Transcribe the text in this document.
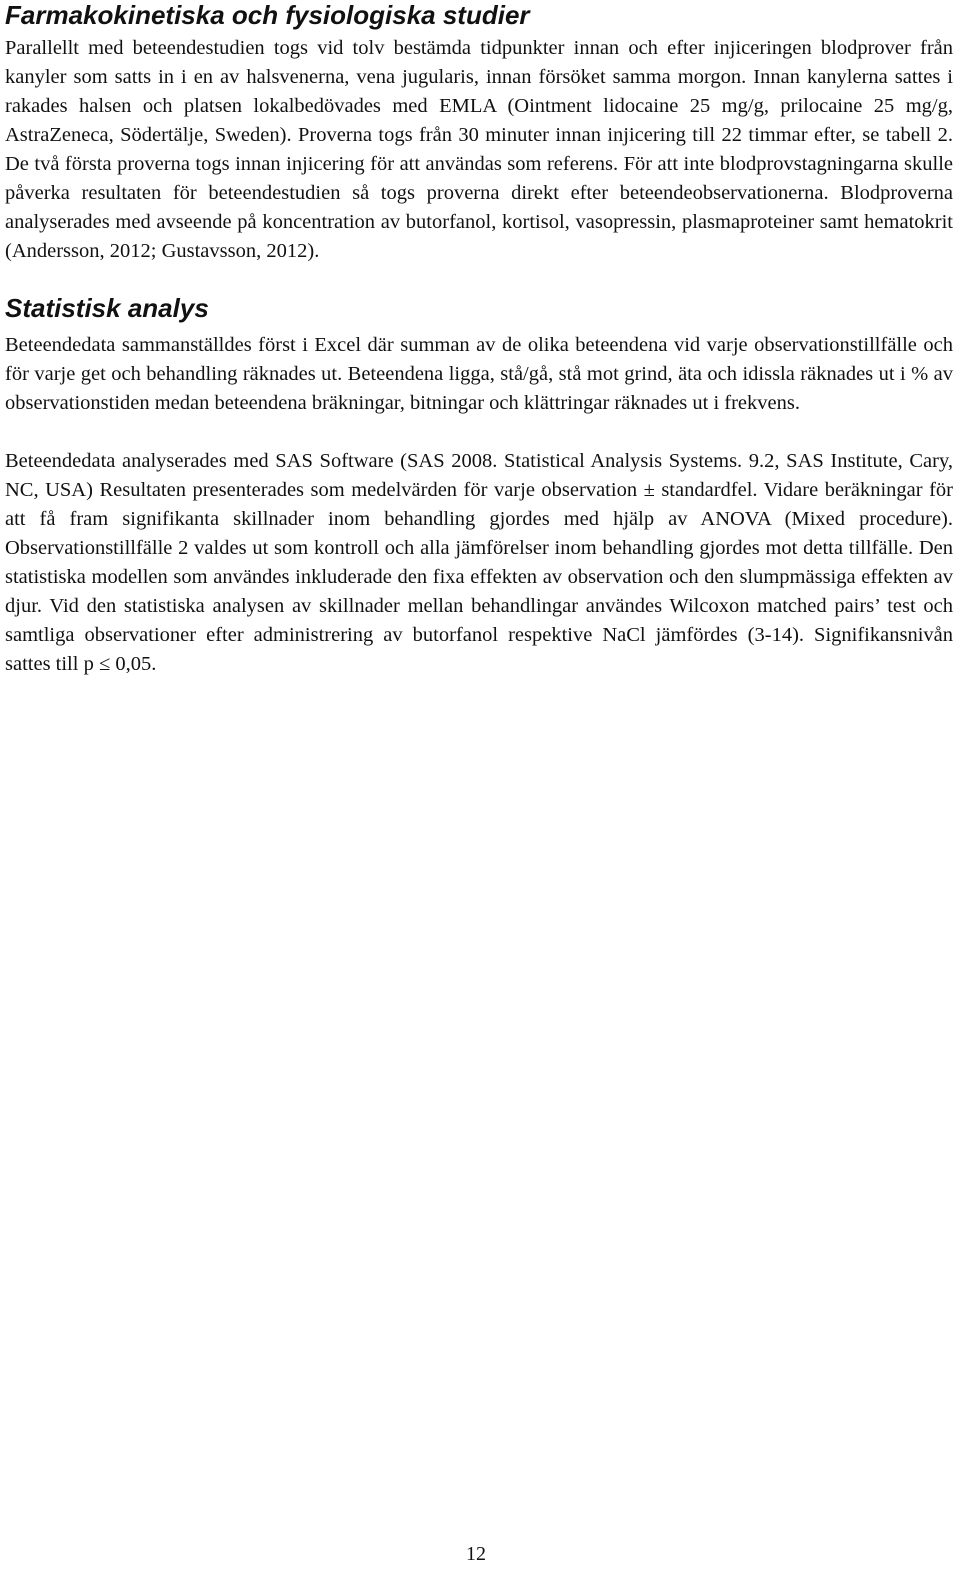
Farmakokinetiska och fysiologiska studier

Parallellt med beteendestudien togs vid tolv bestämda tidpunkter innan och efter injiceringen blodprover från kanyler som satts in i en av halsvenerna, vena jugularis, innan försöket samma morgon. Innan kanylerna sattes i rakades halsen och platsen lokalbedövades med EMLA (Ointment lidocaine 25 mg/g, prilocaine 25 mg/g, AstraZeneca, Södertälje, Sweden). Proverna togs från 30 minuter innan injicering till 22 timmar efter, se tabell 2. De två första proverna togs innan injicering för att användas som referens. För att inte blodprovstagningarna skulle påverka resultaten för beteendestudien så togs proverna direkt efter beteendeobservationerna. Blodproverna analyserades med avseende på koncentration av butorfanol, kortisol, vasopressin, plasmaproteiner samt hematokrit (Andersson, 2012; Gustavsson, 2012).

Statistisk analys

Beteendedata sammanställdes först i Excel där summan av de olika beteendena vid varje observationstillfälle och för varje get och behandling räknades ut. Beteendena ligga, stå/gå, stå mot grind, äta och idissla räknades ut i % av observationstiden medan beteendena bräkningar, bitningar och klättringar räknades ut i frekvens.

Beteendedata analyserades med SAS Software (SAS 2008. Statistical Analysis Systems. 9.2, SAS Institute, Cary, NC, USA) Resultaten presenterades som medelvärden för varje observation ± standardfel. Vidare beräkningar för att få fram signifikanta skillnader inom behandling gjordes med hjälp av ANOVA (Mixed procedure). Observationstillfälle 2 valdes ut som kontroll och alla jämförelser inom behandling gjordes mot detta tillfälle. Den statistiska modellen som användes inkluderade den fixa effekten av observation och den slumpmässiga effekten av djur. Vid den statistiska analysen av skillnader mellan behandlingar användes Wilcoxon matched pairs’ test och samtliga observationer efter administrering av butorfanol respektive NaCl jämfördes (3-14). Signifikansnivån sattes till p ≤ 0,05.

12
